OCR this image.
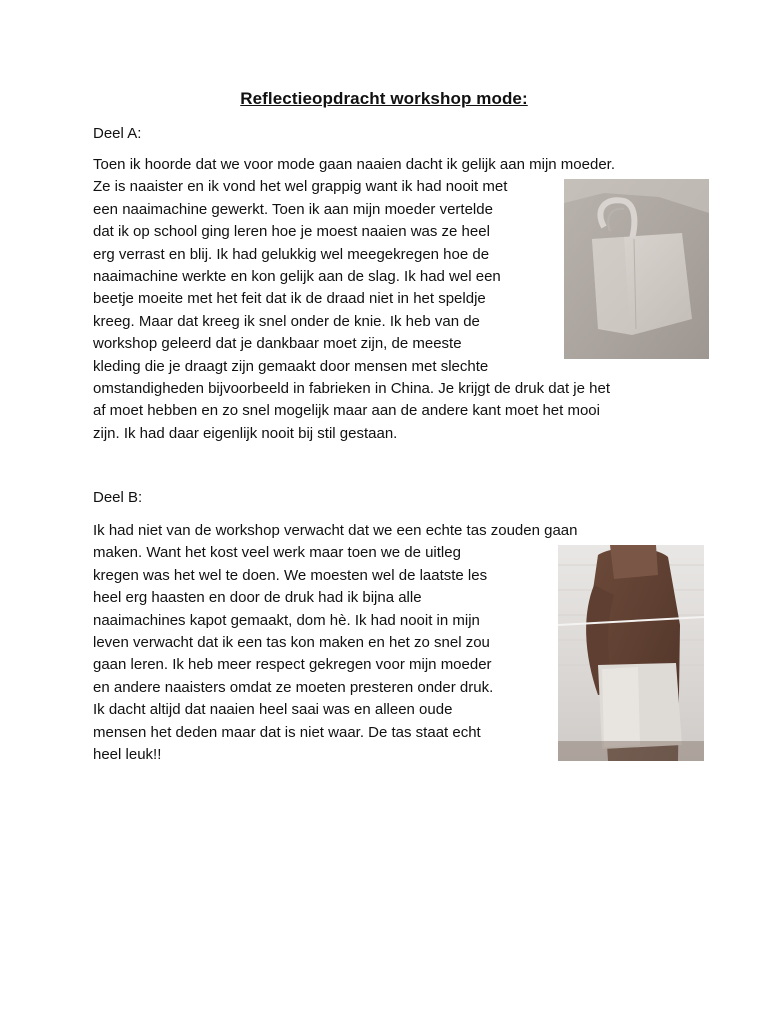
Reflectieopdracht workshop mode:
Deel A:
Toen ik hoorde dat we voor mode gaan naaien dacht ik gelijk aan mijn moeder.
Ze is naaister en ik vond het wel grappig want ik had nooit met
een naaimachine gewerkt. Toen ik aan mijn moeder vertelde
dat ik op school ging leren hoe je moest naaien was ze heel
erg verrast en blij. Ik had gelukkig wel meegekregen hoe de
naaimachine werkte en kon gelijk aan de slag. Ik had wel een
beetje moeite met het feit dat ik de draad niet in het speldje
kreeg. Maar dat kreeg ik snel onder de knie. Ik heb van de
workshop geleerd dat je dankbaar moet zijn, de meeste
kleding die je draagt zijn gemaakt door mensen met slechte
omstandigheden bijvoorbeeld in fabrieken in China. Je krijgt de druk dat je het
af moet hebben en zo snel mogelijk maar aan de andere kant moet het mooi
zijn. Ik had daar eigenlijk nooit bij stil gestaan.
Deel B:
Ik had niet van de workshop verwacht dat we een echte tas zouden gaan
maken. Want het kost veel werk maar toen we de uitleg
kregen was het wel te doen. We moesten wel de laatste les
heel erg haasten en door de druk had ik bijna alle
naaimachines kapot gemaakt, dom hè. Ik had nooit in mijn
leven verwacht dat ik een tas kon maken en het zo snel zou
gaan leren. Ik heb meer respect gekregen voor mijn moeder
en andere naaisters omdat ze moeten presteren onder druk.
Ik dacht altijd dat naaien heel saai was en alleen oude
mensen het deden maar dat is niet waar. De tas staat echt
heel leuk!!
